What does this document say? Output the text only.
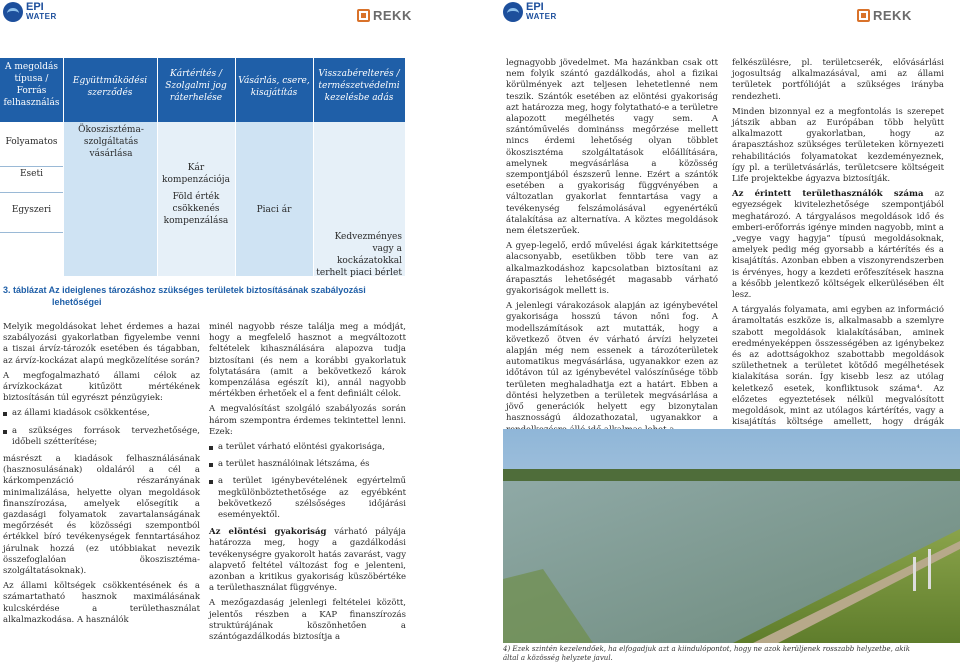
EPI
WATER	REKK
EPI
WATER	REKK
A megoldás típusa / Forrás felhasználás
Együttműködési szerződés
Kártérítés / Szolgalmi jog ráterhelése
Vásárlás, csere, kisajátítás
Visszabérelterés / természetvédelmi kezelésbe adás
Folyamatos
Eseti
Egyszeri
Ökoszisztéma-szolgáltatás vásárlása
Kár kompenzációja
Föld érték csökkenés kompenzálása
Piaci ár
Kedvezményes vagy a kockázatokkal terhelt piaci bérlet
3. táblázat Az ideiglenes tározáshoz szükséges területek biztosításának szabályozási
lehetőségei

Melyik megoldásokat lehet érdemes a hazai szabályozási gyakorlatban figyelembe venni a tiszai árvíz-tározók esetében és tágabban, az árvíz-kockázat alapú megközelítése során?

A megfogalmazható állami célok az árvízkockázat kitűzött mértékének biztosításán túl egyrészt pénzügyiek:

az állami kiadások csökkentése,
a szükséges források tervezhetősége, időbeli szétterítése;

másrészt a kiadások felhasználásának (hasznosulásának) oldaláról a cél a kárkompenzáció részarányának minimalizálása, helyette olyan megoldások finanszírozása, amelyek elősegítik a gazdasági folyamatok zavartalanságának megőrzését és közösségi szempontból értékkel bíró tevékenységek fenntartásához járulnak hozzá (ez utóbbiakat nevezik összefoglalóan ökoszisztéma-szolgáltatásoknak).

Az állami költségek csökkentésének és a számartatható hasznok maximálásának kulcskérdése a területhasználat alkalmazkodása. A használók

minél nagyobb része találja meg a módját, hogy a megfelelő hasznot a megváltozott feltételek kihasználására alapozva tudja biztosítani (és nem a korábbi gyakorlatuk folytatására (amit a bekövetkező károk kompenzálása egészít ki), annál nagyobb mértékben érhetőek el a fent definiált célok.

A megvalósítást szolgáló szabályozás során három szempontra érdemes tekintettel lenni. Ezek:

a terület várható elöntési gyakorisága,
a terület használóinak létszáma, és
a terület igénybevételének egyértelmű megkülönböztethetősége az egyébként bekövetkező szélsőséges időjárási eseményektől.

Az elöntési gyakoriság várható pályája határozza meg, hogy a gazdálkodási tevékenységre gyakorolt hatás zavarást, vagy alapvető feltétel változást fog e jelenteni, azonban a kritikus gyakoriság küszöbértéke a területhasználat függvénye.

A mezőgazdaság jelenlegi feltételei között, jelentős részben a KAP finanszírozás struktúrájának köszönhetően a szántógazdálkodás biztosítja a

legnagyobb jövedelmet. Ma hazánkban csak ott nem folyik szántó gazdálkodás, ahol a fizikai körülmények azt teljesen lehetetlenné nem teszik. Szántók esetében az elöntési gyakoriság azt határozza meg, hogy folytatható-e a területre alapozott megélhetés vagy sem. A szántóművelés dominánss megőrzése mellett nincs érdemi lehetőség olyan többlet ökoszisztéma szolgáltatások előállítására, amelynek megvásárlása a közösség szempontjából észszerű lenne. Ezért a szántók esetében a gyakoriság függvényében a változatlan gyakorlat fenntartása vagy a tevékenység felszámolásával egyenértékű átalakítása az alternatíva. A köztes megoldások nem életszerűek.

A gyep-legelő, erdő művelési ágak kárkitettsége alacsonyabb, esetükben több tere van az alkalmazkodáshoz kapcsolatban biztosítani az árapasztás lehetőségét magasabb várható gyakoriságok mellett is.

A jelenlegi várakozások alapján az igénybevétel gyakorisága hosszú távon nőni fog. A modellszámítások azt mutatták, hogy a következő ötven év várható árvízi helyzetei alapján még nem essenek a tározóterületek automatikus megvásárlása, ugyanakkor ezen az időtávon túl az igénybevétel valószínűsége több területen meghaladhatja ezt a határt. Ebben a döntési helyzetben a területek megvásárlása a jövő generációk helyett egy bizonytalan hasznosságú áldozathozatal, ugyanakkor a

felkészülésre, pl. területcserék, elővásárlási jogosultság alkalmazásával, ami az állami területek portfólióját a szükséges irányba rendezheti.

Minden bizonnyal ez a megfontolás is szerepet játszik abban az Európában több helyütt alkalmazott gyakorlatban, hogy az árapasztáshoz szükséges területeken környezeti rehabilitációs folyamatokat kezdeményeznek, így pl. a területvásárlás, területcsere költségeit Life projektekbe ágyazva biztosítják.

Az érintett területhasználók száma az egyezségek kivitelezhetősége szempontjából meghatározó. A tárgyalásos megoldások idő és emberi-erőforrás igénye minden nagyobb, mint a „vegye vagy hagyja” típusú megoldásoknak, amelyek pedig még gyorsabb a kártérítés és a kisajátítás. Azonban ebben a viszonyrendszerben is érvényes, hogy a kezdeti erőfeszítések haszna a később jelentkező költségek elkerülésében élt lesz.

A tárgyalás folyamata, ami egyben az információ áramoltatás eszköze is, alkalmasabb a szemlyre szabott megoldások kialakításában, aminek eredményeképpen összességében az igénybekez és az adottságokhoz szabottabb megoldások születhetnek a területet kötődő megélhetések kialakítása során. Így kisebb lesz az utólag keletkező esetek, konfliktusok száma⁴. Az előzetes egyeztetések nélkül megvalósított megoldások, mint az utólagos kártérítés, vagy a kisajátítás költsége amellett, hogy drágák

4) Ezek szintén kezelendőek, ha elfogadjuk azt a kiindulópontot, hogy ne azok kerüljenek rosszabb helyzetbe, akik által a közösség helyzete javul.
